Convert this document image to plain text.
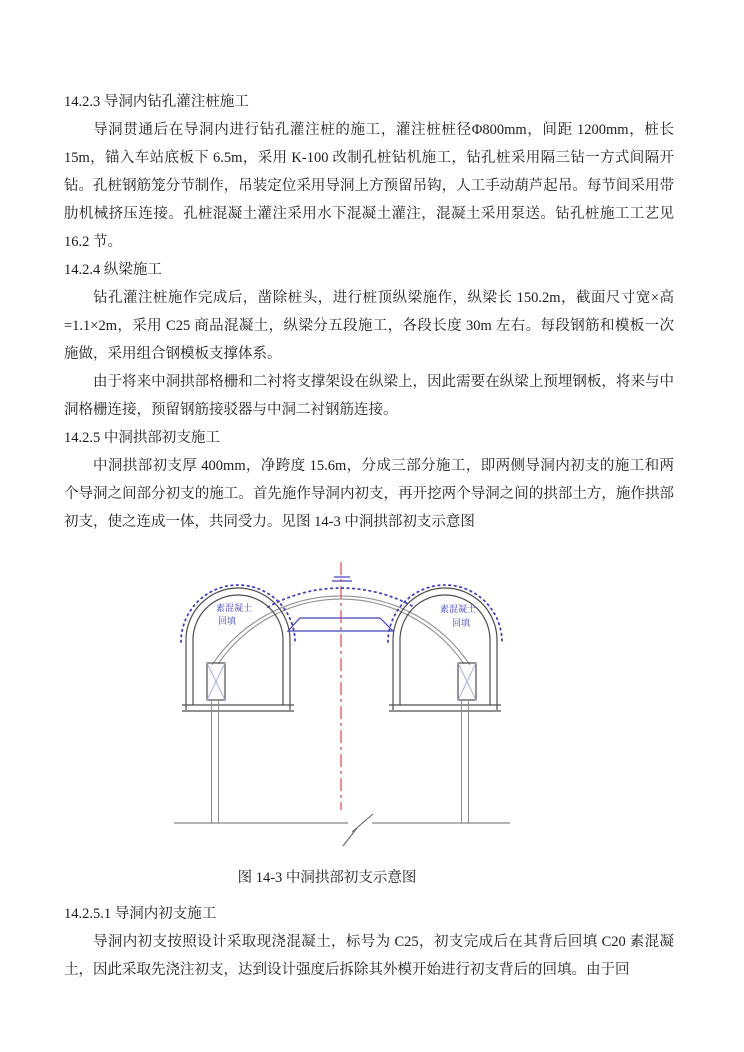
14.2.3 导洞内钻孔灌注桩施工

导洞贯通后在导洞内进行钻孔灌注桩的施工，灌注桩桩径Φ800mm，间距 1200mm，桩长 15m，锚入车站底板下 6.5m，采用 K-100 改制孔桩钻机施工，钻孔桩采用隔三钻一方式间隔开钻。孔桩钢筋笼分节制作，吊装定位采用导洞上方预留吊钩，人工手动葫芦起吊。每节间采用带肋机械挤压连接。孔桩混凝土灌注采用水下混凝土灌注，混凝土采用泵送。钻孔桩施工工艺见 16.2 节。

14.2.4 纵梁施工

钻孔灌注桩施作完成后，凿除桩头，进行桩顶纵梁施作，纵梁长 150.2m，截面尺寸宽×高=1.1×2m，采用 C25 商品混凝土，纵梁分五段施工，各段长度 30m 左右。每段钢筋和模板一次施做，采用组合钢模板支撑体系。

由于将来中洞拱部格栅和二衬将支撑架设在纵梁上，因此需要在纵梁上预埋钢板，将来与中洞格栅连接，预留钢筋接驳器与中洞二衬钢筋连接。

14.2.5 中洞拱部初支施工

中洞拱部初支厚 400mm，净跨度 15.6m，分成三部分施工，即两侧导洞内初支的施工和两个导洞之间部分初支的施工。首先施作导洞内初支，再开挖两个导洞之间的拱部土方，施作拱部初支，使之连成一体，共同受力。见图 14-3 中洞拱部初支示意图

素混凝土
回填
素混凝土
回填

图 14-3 中洞拱部初支示意图

14.2.5.1 导洞内初支施工

导洞内初支按照设计采取现浇混凝土，标号为 C25，初支完成后在其背后回填 C20 素混凝土，因此采取先浇注初支，达到设计强度后拆除其外模开始进行初支背后的回填。由于回
